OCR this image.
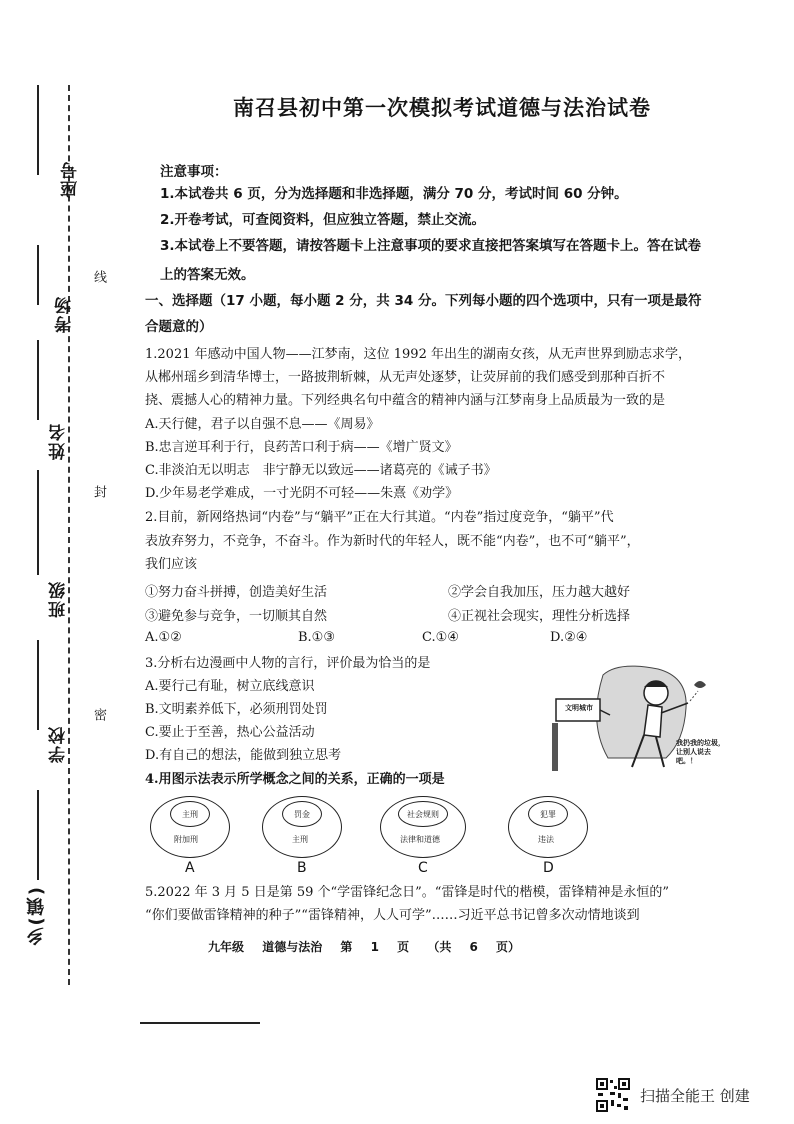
座号
考场
姓名
班级
学校
乡(镇)
线
封
密
南召县初中第一次模拟考试道德与法治试卷
注意事项：
1.本试卷共 6 页，分为选择题和非选择题，满分 70 分，考试时间 60 分钟。
2.开卷考试，可查阅资料，但应独立答题，禁止交流。
3.本试卷上不要答题，请按答题卡上注意事项的要求直接把答案填写在答题卡上。答在试卷
上的答案无效。
一、选择题（17 小题，每小题 2 分，共 34 分。下列每小题的四个选项中，只有一项是最符
合题意的）
1.2021 年感动中国人物——江梦南，这位 1992 年出生的湖南女孩，从无声世界到励志求学，
从郴州瑶乡到清华博士，一路披荆斩棘，从无声处逐梦，让荧屏前的我们感受到那种百折不
挠、震撼人心的精神力量。下列经典名句中蕴含的精神内涵与江梦南身上品质最为一致的是
A.天行健，君子以自强不息——《周易》
B.忠言逆耳利于行，良药苦口利于病——《增广贤文》
C.非淡泊无以明志　非宁静无以致远——诸葛亮的《诫子书》
D.少年易老学难成，一寸光阴不可轻——朱熹《劝学》
2.目前，新网络热词“内卷”与“躺平”正在大行其道。“内卷”指过度竞争，“躺平”代
表放弃努力，不竞争，不奋斗。作为新时代的年轻人，既不能“内卷”，也不可“躺平”，
我们应该
①努力奋斗拼搏，创造美好生活	②学会自我加压，压力越大越好
③避免参与竞争，一切顺其自然	④正视社会现实，理性分析选择
A.①②	B.①③	C.①④	D.②④
3.分析右边漫画中人物的言行，评价最为恰当的是
A.要行己有耻，树立底线意识
B.文明素养低下，必须刑罚处罚
C.要止于至善，热心公益活动
D.有自己的想法，能做到独立思考
文明城市
我扔我的垃圾，让别人说去吧。！
4.用图示法表示所学概念之间的关系，正确的一项是
主刑
附加刑
A
罚金
主刑
B
社会规则
法律和道德
C
犯罪
违法
D
5.2022 年 3 月 5 日是第 59 个“学雷锋纪念日”。“雷锋是时代的楷模，雷锋精神是永恒的”
“你们要做雷锋精神的种子”“雷锋精神，人人可学”……习近平总书记曾多次动情地谈到
九年级 道德与法治 第 1 页 （共 6 页）
扫描全能王 创建
